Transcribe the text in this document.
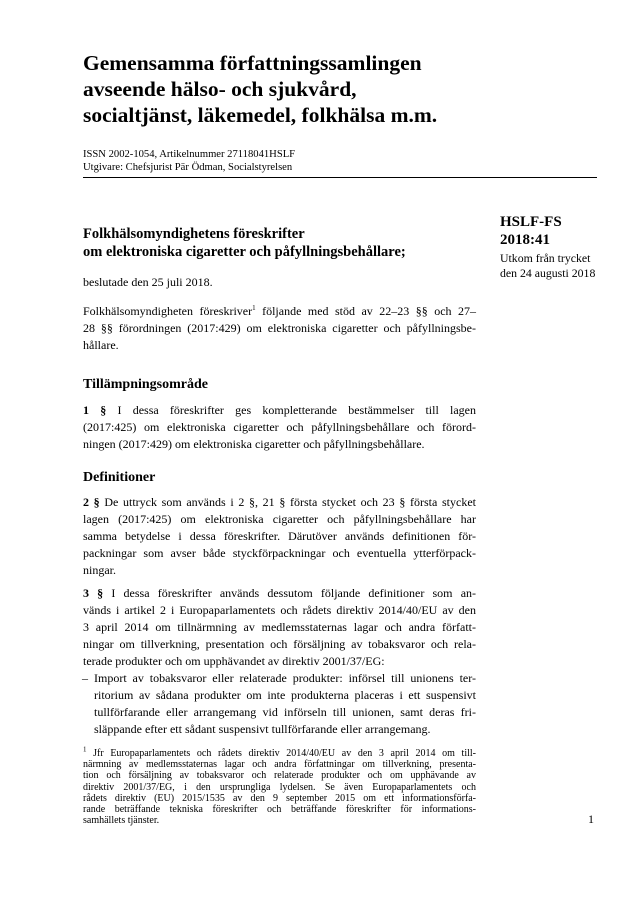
Gemensamma författningssamlingen
avseende hälso- och sjukvård,
socialtjänst, läkemedel, folkhälsa m.m.
ISSN 2002-1054, Artikelnummer 27118041HSLF
Utgivare: Chefsjurist Pär Ödman, Socialstyrelsen
HSLF-FS
2018:41
Utkom från trycket
den 24 augusti 2018
Folkhälsomyndighetens föreskrifter
om elektroniska cigaretter och påfyllningsbehållare;
beslutade den 25 juli 2018.
Folkhälsomyndigheten föreskriver$^1$ följande med stöd av 22–23 §§ och 27–
28 §§ förordningen (2017:429) om elektroniska cigaretter och påfyllningsbe-
hållare.
Tillämpningsområde
1 § I dessa föreskrifter ges kompletterande bestämmelser till lagen
(2017:425) om elektroniska cigaretter och påfyllningsbehållare och förord-
ningen (2017:429) om elektroniska cigaretter och påfyllningsbehållare.
Definitioner
2 § De uttryck som används i 2 §, 21 § första stycket och 23 § första stycket
lagen (2017:425) om elektroniska cigaretter och påfyllningsbehållare har
samma betydelse i dessa föreskrifter. Därutöver används definitionen för-
packningar som avser både styckförpackningar och eventuella ytterförpack-
ningar.
3 § I dessa föreskrifter används dessutom följande definitioner som an-
vänds i artikel 2 i Europaparlamentets och rådets direktiv 2014/40/EU av den
3 april 2014 om tillnärmning av medlemsstaternas lagar och andra författ-
ningar om tillverkning, presentation och försäljning av tobaksvaror och rela-
terade produkter och om upphävandet av direktiv 2001/37/EG:
– Import av tobaksvaror eller relaterade produkter: införsel till unionens ter-
ritorium av sådana produkter om inte produkterna placeras i ett suspensivt
tullförfarande eller arrangemang vid införseln till unionen, samt deras fri-
släppande efter ett sådant suspensivt tullförfarande eller arrangemang.
$^1$ Jfr Europaparlamentets och rådets direktiv 2014/40/EU av den 3 april 2014 om till-
närmning av medlemsstaternas lagar och andra författningar om tillverkning, presenta-
tion och försäljning av tobaksvaror och relaterade produkter och om upphävande av
direktiv 2001/37/EG, i den ursprungliga lydelsen. Se även Europaparlamentets och
rådets direktiv (EU) 2015/1535 av den 9 september 2015 om ett informationsförfa-
rande beträffande tekniska föreskrifter och beträffande föreskrifter för informations-
samhällets tjänster.	1
